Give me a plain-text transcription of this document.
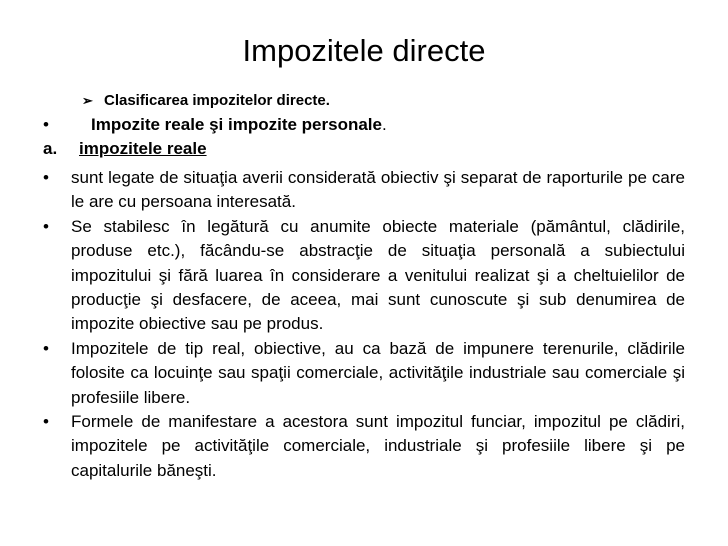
Impozitele directe
➢ Clasificarea impozitelor directe.
• Impozite reale şi impozite personale.
a. impozitele reale
•	sunt legate de situaţia averii considerată obiectiv şi separat de raporturile pe care le are cu persoana interesată.
•	Se stabilesc în legătură cu anumite obiecte materiale (pământul, clădirile, produse etc.), făcându-se abstracţie de situaţia personală a subiectului impozitului şi fără luarea în considerare a venitului realizat şi a cheltuielilor de producţie şi desfacere, de aceea, mai sunt cunoscute şi sub denumirea de impozite obiective sau pe produs.
•	Impozitele de tip real, obiective, au ca bază de impunere terenurile, clădirile folosite ca locuinţe sau spaţii comerciale, activităţile industriale sau comerciale şi profesiile libere.
•	Formele de manifestare a acestora sunt impozitul funciar, impozitul pe clădiri, impozitele pe activităţile comerciale, industriale şi profesiile libere şi pe capitalurile băneşti.
